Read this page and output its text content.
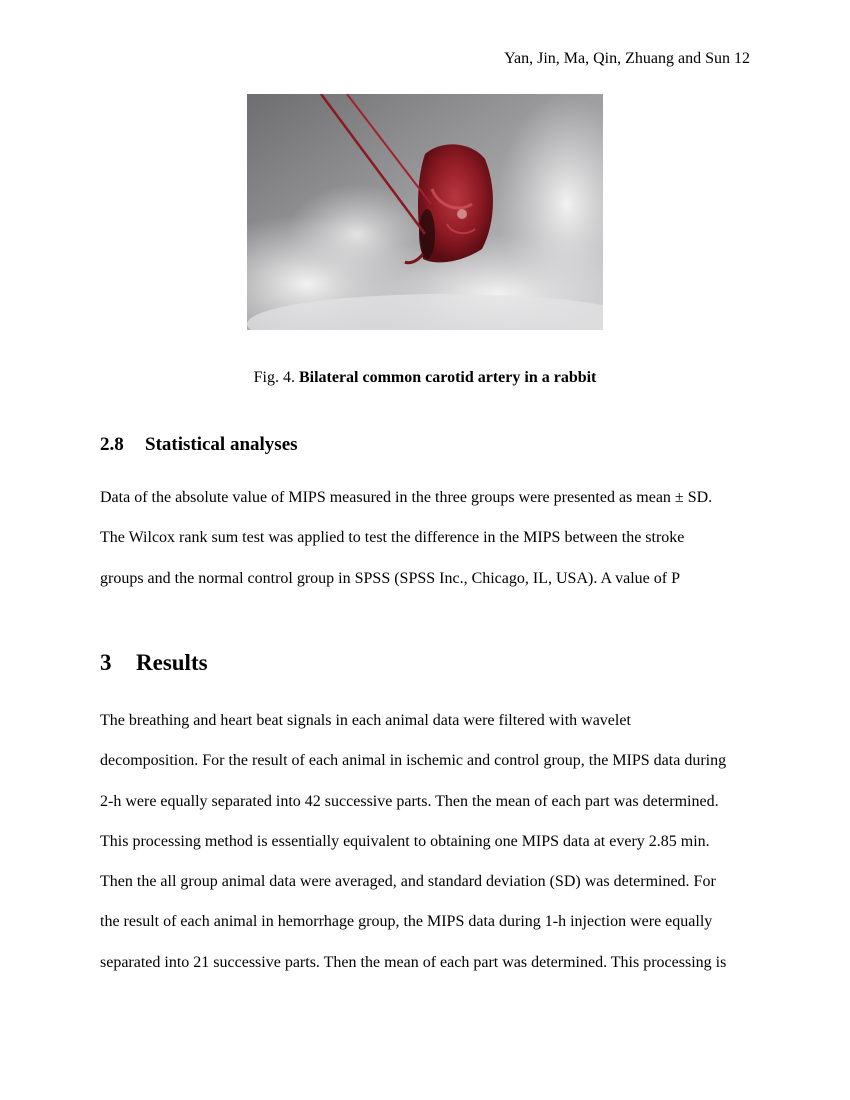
Yan, Jin, Ma, Qin, Zhuang and Sun 12
Fig. 4. Bilateral common carotid artery in a rabbit
2.8	Statistical analyses
Data of the absolute value of MIPS measured in the three groups were presented as mean ± SD.
The Wilcox rank sum test was applied to test the difference in the MIPS between the stroke
groups and the normal control group in SPSS (SPSS Inc., Chicago, IL, USA). A value of P
3	Results
The breathing and heart beat signals in each animal data were filtered with wavelet
decomposition. For the result of each animal in ischemic and control group, the MIPS data during
2-h were equally separated into 42 successive parts. Then the mean of each part was determined.
This processing method is essentially equivalent to obtaining one MIPS data at every 2.85 min.
Then the all group animal data were averaged, and standard deviation (SD) was determined. For
the result of each animal in hemorrhage group, the MIPS data during 1-h injection were equally
separated into 21 successive parts. Then the mean of each part was determined. This processing is
